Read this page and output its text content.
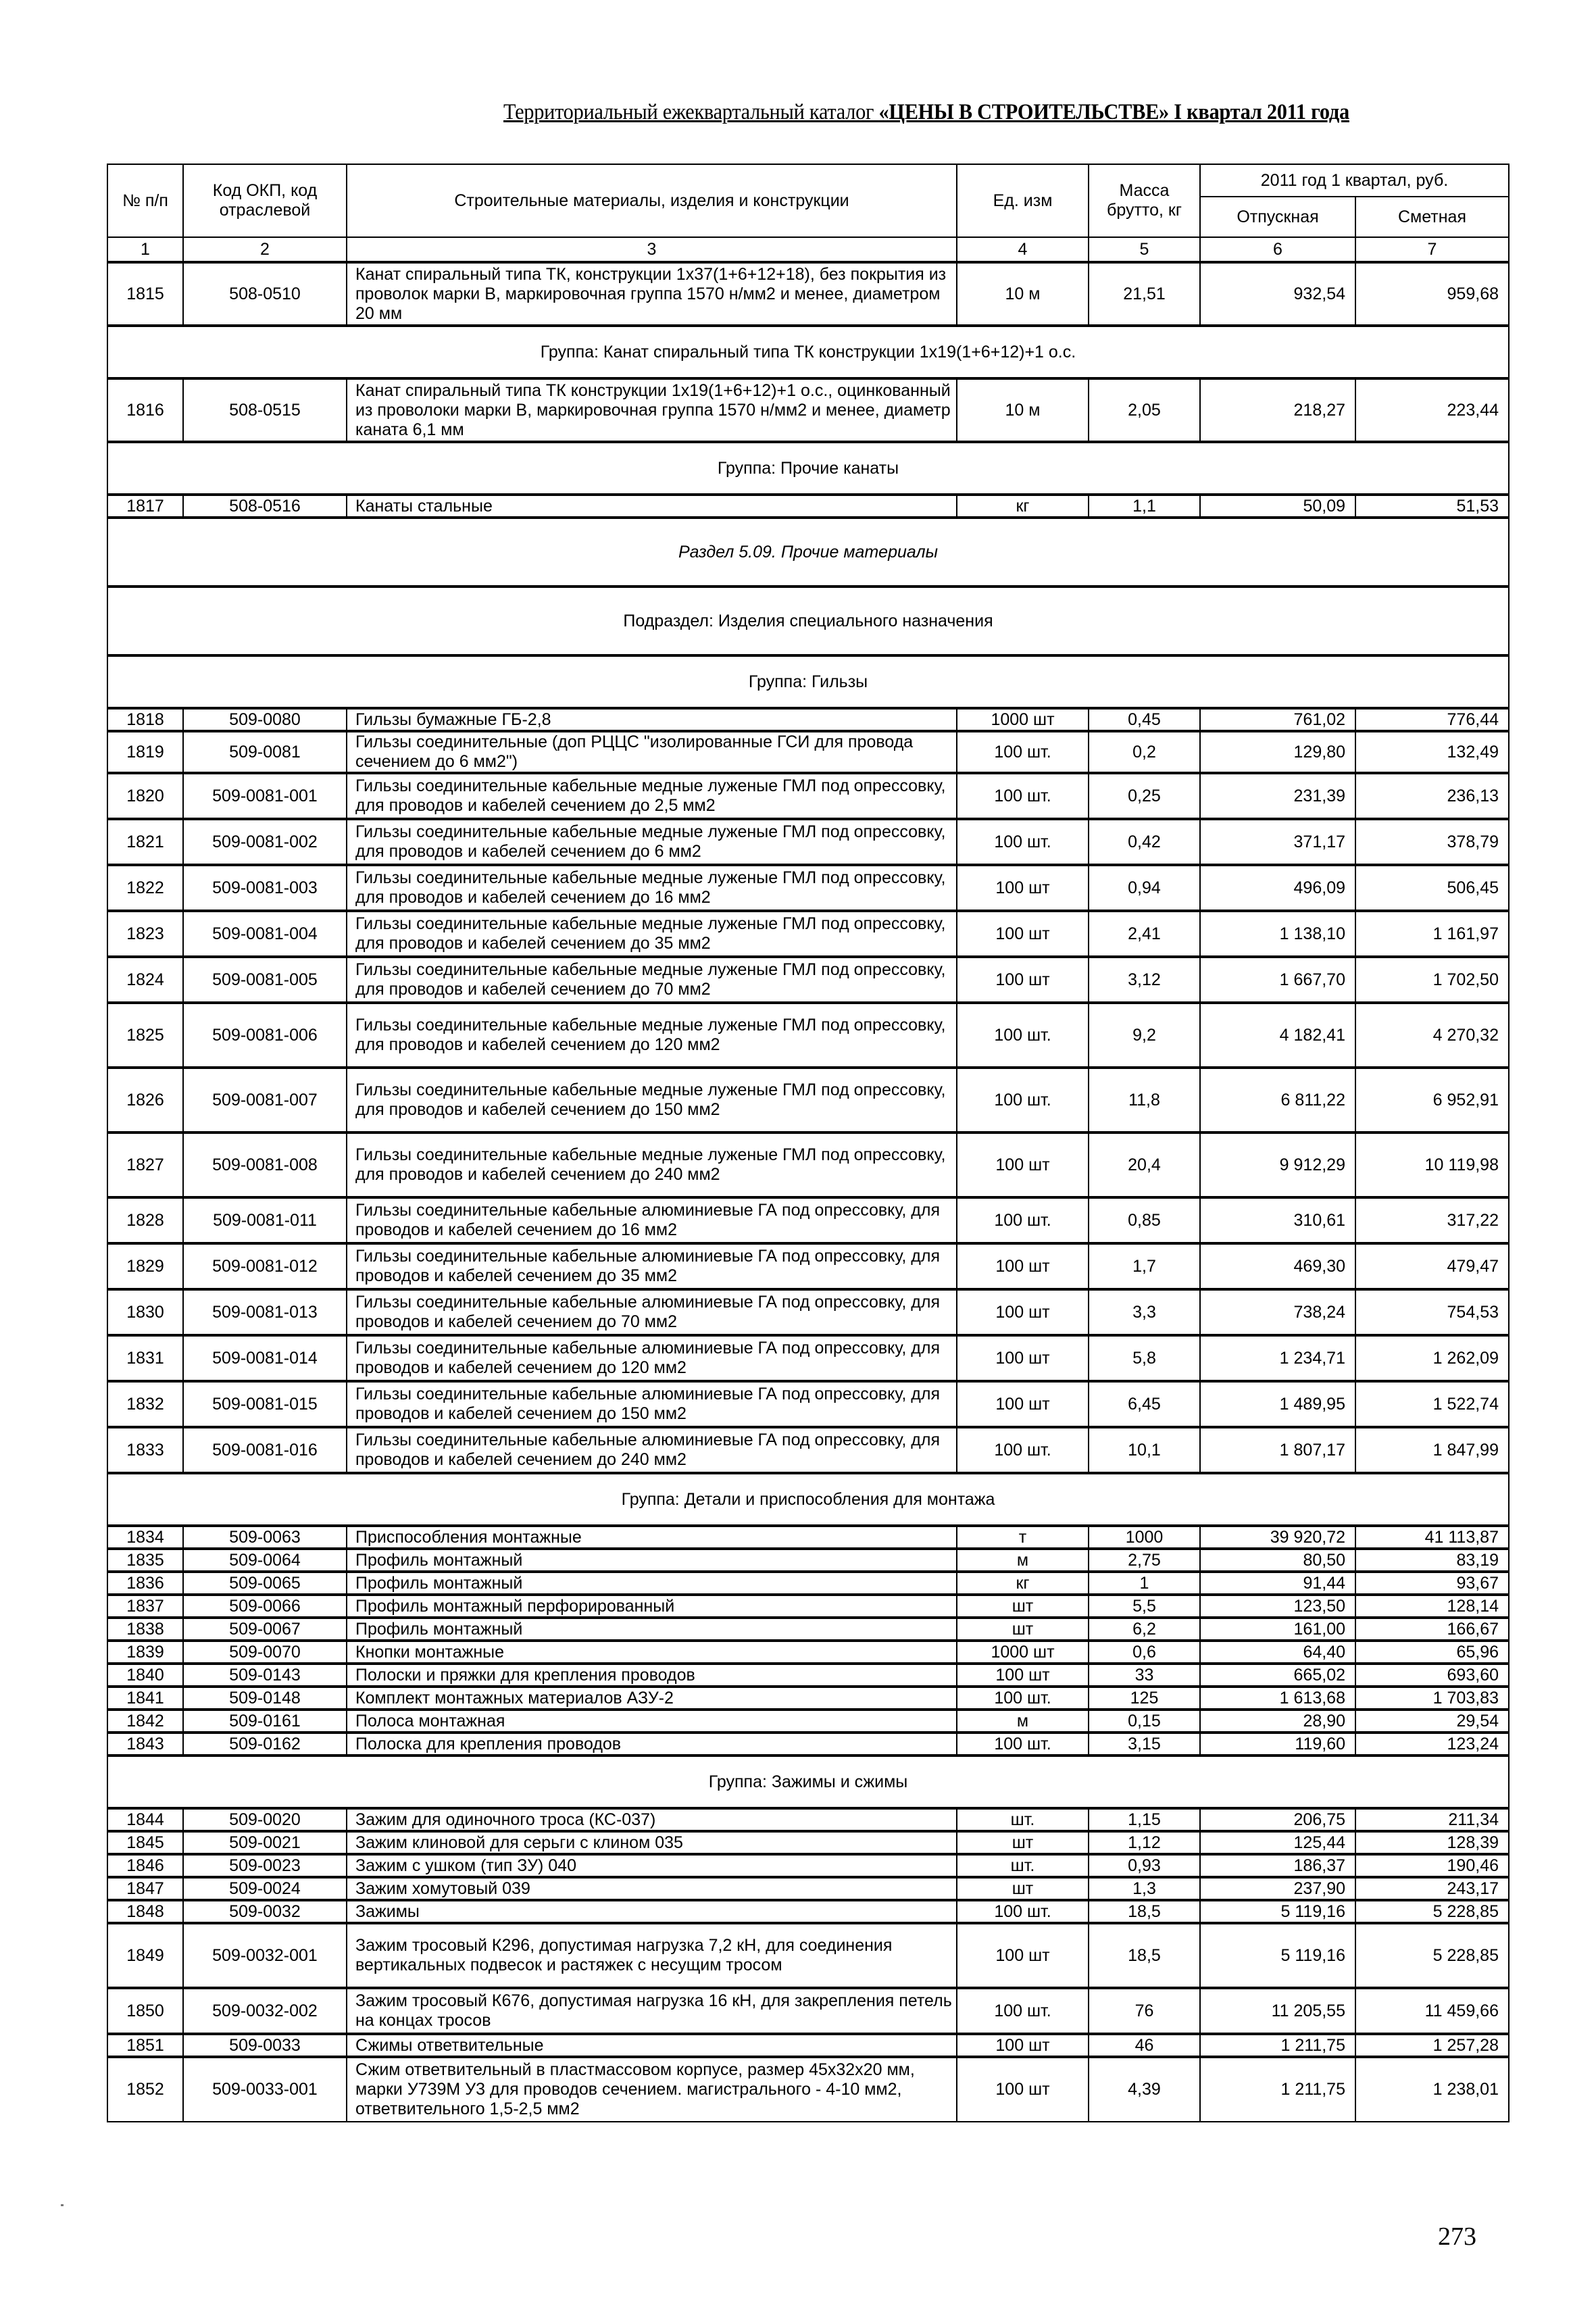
Территориальный ежеквартальный каталог «ЦЕНЫ В СТРОИТЕЛЬСТВЕ» I квартал 2011 года
№ п/п	Код ОКП, код отраслевой	Строительные материалы, изделия и конструкции	Ед. изм	Масса брутто, кг	2011 год 1 квартал, руб.	
					Отпускная	Сметная
1	2	3	4	5	6	7
1815	508-0510	Канат спиральный типа ТК, конструкции 1х37(1+6+12+18), без покрытия из проволок марки В, маркировочная группа 1570 н/мм2 и менее, диаметром 20 мм	10 м	21,51	932,54	959,68
Группа: Канат спиральный типа ТК конструкции 1х19(1+6+12)+1 о.с.						
1816	508-0515	Канат спиральный типа ТК конструкции 1х19(1+6+12)+1 о.с., оцинкованный из проволоки марки В, маркировочная группа 1570 н/мм2 и менее, диаметр каната 6,1 мм	10 м	2,05	218,27	223,44
Группа: Прочие канаты						
1817	508-0516	Канаты стальные	кг	1,1	50,09	51,53
Раздел 5.09. Прочие материалы						
Подраздел: Изделия специального назначения						
Группа: Гильзы						
1818	509-0080	Гильзы бумажные ГБ-2,8	1000 шт	0,45	761,02	776,44
1819	509-0081	Гильзы соединительные (доп РЦЦС "изолированные ГСИ для провода сечением до 6 мм2")	100 шт.	0,2	129,80	132,49
1820	509-0081-001	Гильзы соединительные кабельные медные луженые ГМЛ под опрессовку, для проводов и кабелей сечением до 2,5 мм2	100 шт.	0,25	231,39	236,13
1821	509-0081-002	Гильзы соединительные кабельные медные луженые ГМЛ под опрессовку, для проводов и кабелей сечением до 6 мм2	100 шт.	0,42	371,17	378,79
1822	509-0081-003	Гильзы соединительные кабельные медные луженые ГМЛ под опрессовку, для проводов и кабелей сечением до 16 мм2	100 шт	0,94	496,09	506,45
1823	509-0081-004	Гильзы соединительные кабельные медные луженые ГМЛ под опрессовку, для проводов и кабелей сечением до 35 мм2	100 шт	2,41	1 138,10	1 161,97
1824	509-0081-005	Гильзы соединительные кабельные медные луженые ГМЛ под опрессовку, для проводов и кабелей сечением до 70 мм2	100 шт	3,12	1 667,70	1 702,50
1825	509-0081-006	Гильзы соединительные кабельные медные луженые ГМЛ под опрессовку, для проводов и кабелей сечением до 120 мм2	100 шт.	9,2	4 182,41	4 270,32
1826	509-0081-007	Гильзы соединительные кабельные медные луженые ГМЛ под опрессовку, для проводов и кабелей сечением до 150 мм2	100 шт.	11,8	6 811,22	6 952,91
1827	509-0081-008	Гильзы соединительные кабельные медные луженые ГМЛ под опрессовку, для проводов и кабелей сечением до 240 мм2	100 шт	20,4	9 912,29	10 119,98
1828	509-0081-011	Гильзы соединительные кабельные алюминиевые ГА под опрессовку, для проводов и кабелей сечением до 16 мм2	100 шт.	0,85	310,61	317,22
1829	509-0081-012	Гильзы соединительные кабельные алюминиевые ГА под опрессовку, для проводов и кабелей сечением до 35 мм2	100 шт	1,7	469,30	479,47
1830	509-0081-013	Гильзы соединительные кабельные алюминиевые ГА под опрессовку, для проводов и кабелей сечением до 70 мм2	100 шт	3,3	738,24	754,53
1831	509-0081-014	Гильзы соединительные кабельные алюминиевые ГА под опрессовку, для проводов и кабелей сечением до 120 мм2	100 шт	5,8	1 234,71	1 262,09
1832	509-0081-015	Гильзы соединительные кабельные алюминиевые ГА под опрессовку, для проводов и кабелей сечением до 150 мм2	100 шт	6,45	1 489,95	1 522,74
1833	509-0081-016	Гильзы соединительные кабельные алюминиевые ГА под опрессовку, для проводов и кабелей сечением до 240 мм2	100 шт.	10,1	1 807,17	1 847,99
Группа: Детали и приспособления для монтажа						
1834	509-0063	Приспособления монтажные	т	1000	39 920,72	41 113,87
1835	509-0064	Профиль монтажный	м	2,75	80,50	83,19
1836	509-0065	Профиль монтажный	кг	1	91,44	93,67
1837	509-0066	Профиль монтажный перфорированный	шт	5,5	123,50	128,14
1838	509-0067	Профиль монтажный	шт	6,2	161,00	166,67
1839	509-0070	Кнопки монтажные	1000 шт	0,6	64,40	65,96
1840	509-0143	Полоски и пряжки для крепления проводов	100 шт	33	665,02	693,60
1841	509-0148	Комплект монтажных материалов АЗУ-2	100 шт.	125	1 613,68	1 703,83
1842	509-0161	Полоса монтажная	м	0,15	28,90	29,54
1843	509-0162	Полоска для крепления проводов	100 шт.	3,15	119,60	123,24
Группа: Зажимы и сжимы						
1844	509-0020	Зажим для одиночного троса (КС-037)	шт.	1,15	206,75	211,34
1845	509-0021	Зажим клиновой для серьги с клином 035	шт	1,12	125,44	128,39
1846	509-0023	Зажим с ушком (тип ЗУ) 040	шт.	0,93	186,37	190,46
1847	509-0024	Зажим хомутовый 039	шт	1,3	237,90	243,17
1848	509-0032	Зажимы	100 шт.	18,5	5 119,16	5 228,85
1849	509-0032-001	Зажим тросовый К296, допустимая нагрузка 7,2 кН, для соединения вертикальных подвесок и растяжек с несущим тросом	100 шт	18,5	5 119,16	5 228,85
1850	509-0032-002	Зажим тросовый К676, допустимая нагрузка 16 кН, для закрепления петель на концах тросов	100 шт.	76	11 205,55	11 459,66
1851	509-0033	Сжимы ответвительные	100 шт	46	1 211,75	1 257,28
1852	509-0033-001	Сжим ответвительный в пластмассовом корпусе, размер 45х32х20 мм, марки У739М У3 для проводов сечением. магистрального - 4-10 мм2, ответвительного 1,5-2,5 мм2	100 шт	4,39	1 211,75	1 238,01
273
